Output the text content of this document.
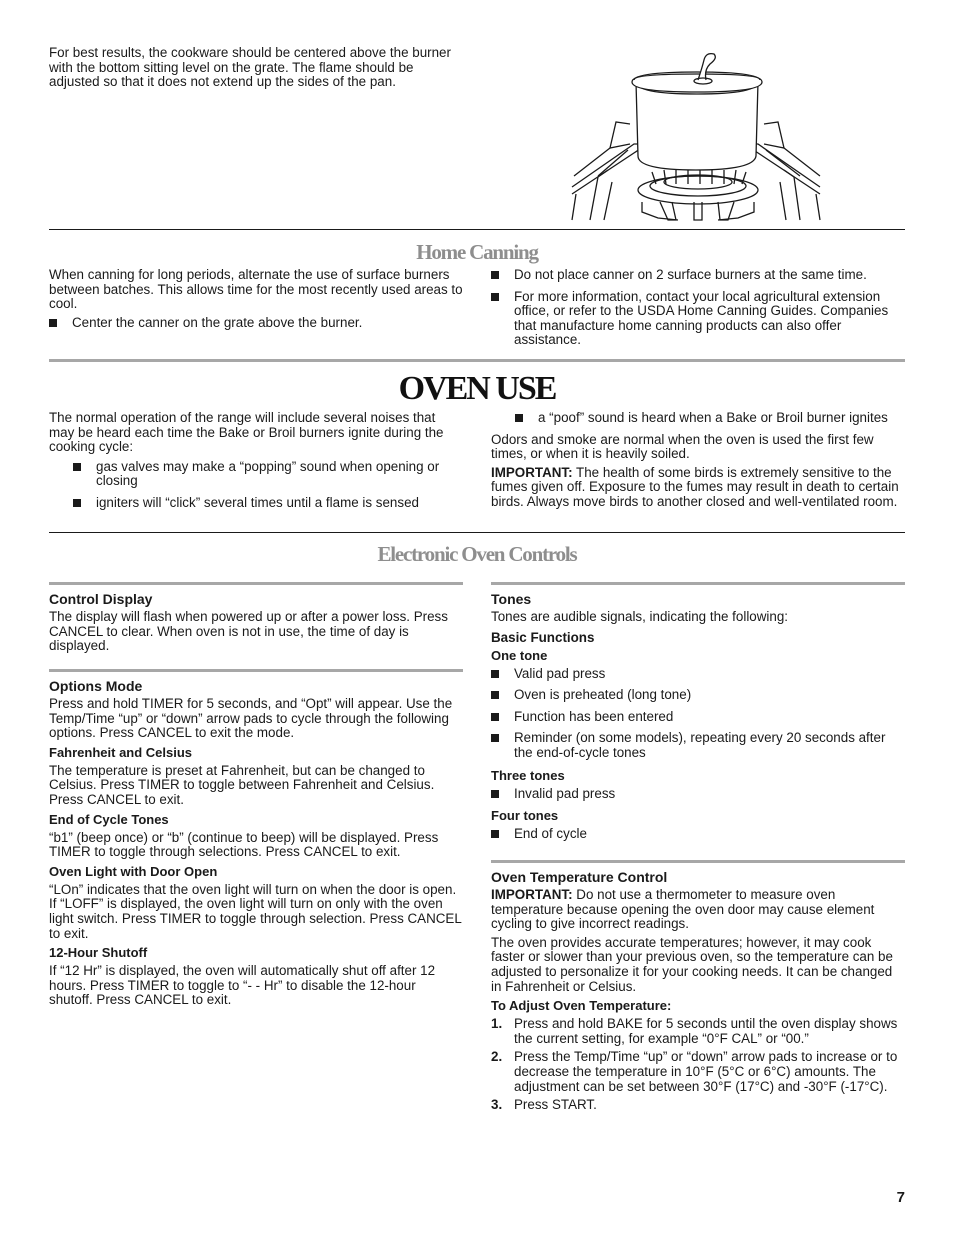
For best results, the cookware should be centered above the burner with the bottom sitting level on the grate. The flame should be adjusted so that it does not extend up the sides of the pan.

Home Canning

When canning for long periods, alternate the use of surface burners between batches. This allows time for the most recently used areas to cool.

Center the canner on the grate above the burner.
Do not place canner on 2 surface burners at the same time.
For more information, contact your local agricultural extension office, or refer to the USDA Home Canning Guides. Companies that manufacture home canning products can also offer assistance.
OVEN USE

The normal operation of the range will include several noises that may be heard each time the Bake or Broil burners ignite during the cooking cycle:

gas valves may make a “popping” sound when opening or closing
igniters will “click” several times until a flame is sensed
a “poof” sound is heard when a Bake or Broil burner ignites

Odors and smoke are normal when the oven is used the first few times, or when it is heavily soiled.

IMPORTANT: The health of some birds is extremely sensitive to the fumes given off. Exposure to the fumes may result in death to certain birds. Always move birds to another closed and well-ventilated room.

Electronic Oven Controls
Control Display

The display will flash when powered up or after a power loss. Press CANCEL to clear. When oven is not in use, the time of day is displayed.

Options Mode

Press and hold TIMER for 5 seconds, and “Opt” will appear. Use the Temp/Time “up” or “down” arrow pads to cycle through the following options. Press CANCEL to exit the mode.

Fahrenheit and Celsius

The temperature is preset at Fahrenheit, but can be changed to Celsius. Press TIMER to toggle between Fahrenheit and Celsius. Press CANCEL to exit.

End of Cycle Tones

“b1” (beep once) or “b” (continue to beep) will be displayed. Press TIMER to toggle through selections. Press CANCEL to exit.

Oven Light with Door Open

“LOn” indicates that the oven light will turn on when the door is open. If “LOFF” is displayed, the oven light will turn on only with the oven light switch. Press TIMER to toggle through selection. Press CANCEL to exit.

12-Hour Shutoff

If “12 Hr” is displayed, the oven will automatically shut off after 12 hours. Press TIMER to toggle to “- - Hr” to disable the 12-hour shutoff. Press CANCEL to exit.

Tones

Tones are audible signals, indicating the following:

Basic Functions
One tone
Valid pad press
Oven is preheated (long tone)
Function has been entered
Reminder (on some models), repeating every 20 seconds after the end-of-cycle tones
Three tones
Invalid pad press
Four tones
End of cycle
Oven Temperature Control

IMPORTANT: Do not use a thermometer to measure oven temperature because opening the oven door may cause element cycling to give incorrect readings.

The oven provides accurate temperatures; however, it may cook faster or slower than your previous oven, so the temperature can be adjusted to personalize it for your cooking needs. It can be changed in Fahrenheit or Celsius.

To Adjust Oven Temperature:
1. Press and hold BAKE for 5 seconds until the oven display shows the current setting, for example “0°F CAL” or “00.”
2. Press the Temp/Time “up” or “down” arrow pads to increase or to decrease the temperature in 10°F (5°C or 6°C) amounts. The adjustment can be set between 30°F (17°C) and -30°F (-17°C).
3. Press START.
7
